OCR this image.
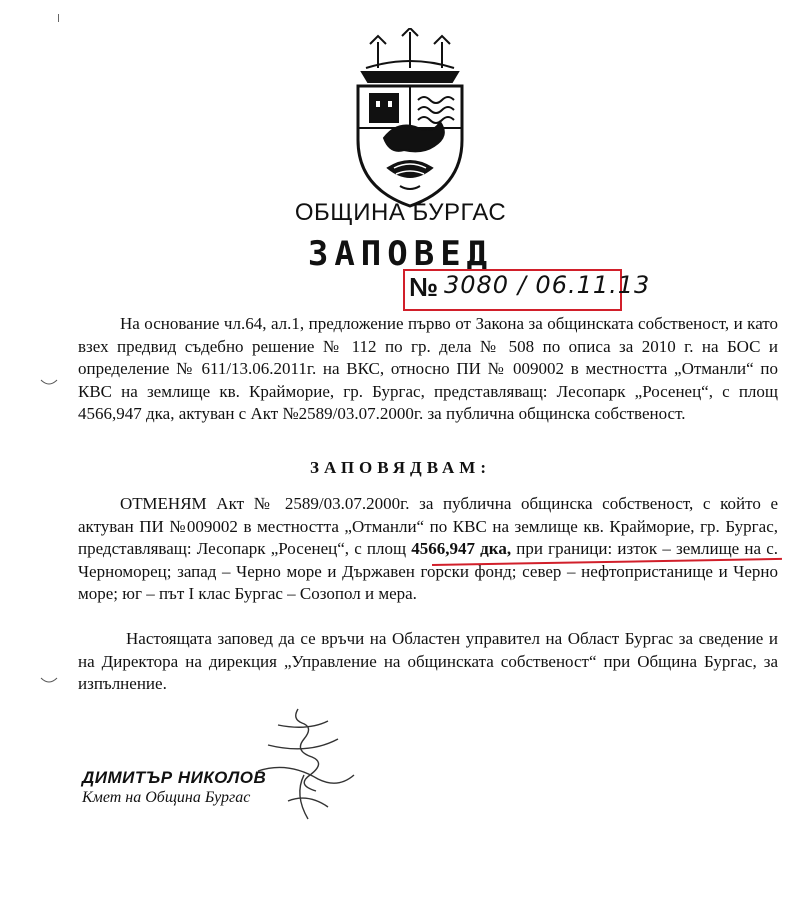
ОБЩИНА БУРГАС
ЗАПОВЕД
№ 3080 / 06.11.13

На основание чл.64, ал.1, предложение първо от Закона за общинската собственост, и като взех предвид съдебно решение № 112 по гр. дела № 508 по описа за 2010 г. на БОС и определение № 611/13.06.2011г. на ВКС, относно ПИ № 009002 в местността „Отманли“ по КВС на землище кв. Крайморие, гр. Бургас, представляващ: Лесопарк „Росенец“, с площ 4566,947 дка, актуван с Акт №2589/03.07.2000г. за публична общинска собственост.

ЗАПОВЯДВАМ:

ОТМЕНЯМ Акт № 2589/03.07.2000г. за публична общинска собственост, с който е актуван ПИ №009002 в местността „Отманли“ по КВС на землище кв. Крайморие, гр. Бургас, представляващ: Лесопарк „Росенец“, с площ 4566,947 дка, при граници: изток – землище на с. Черноморец; запад – Черно море и Държавен горски фонд; север – нефтопристанище и Черно море; юг – път I клас Бургас – Созопол и мера.

Настоящата заповед да се връчи на Областен управител на Област Бургас за сведение и на Директора на дирекция „Управление на общинската собственост“ при Община Бургас, за изпълнение.

ДИМИТЪР НИКОЛОВ
Кмет на Община Бургас
